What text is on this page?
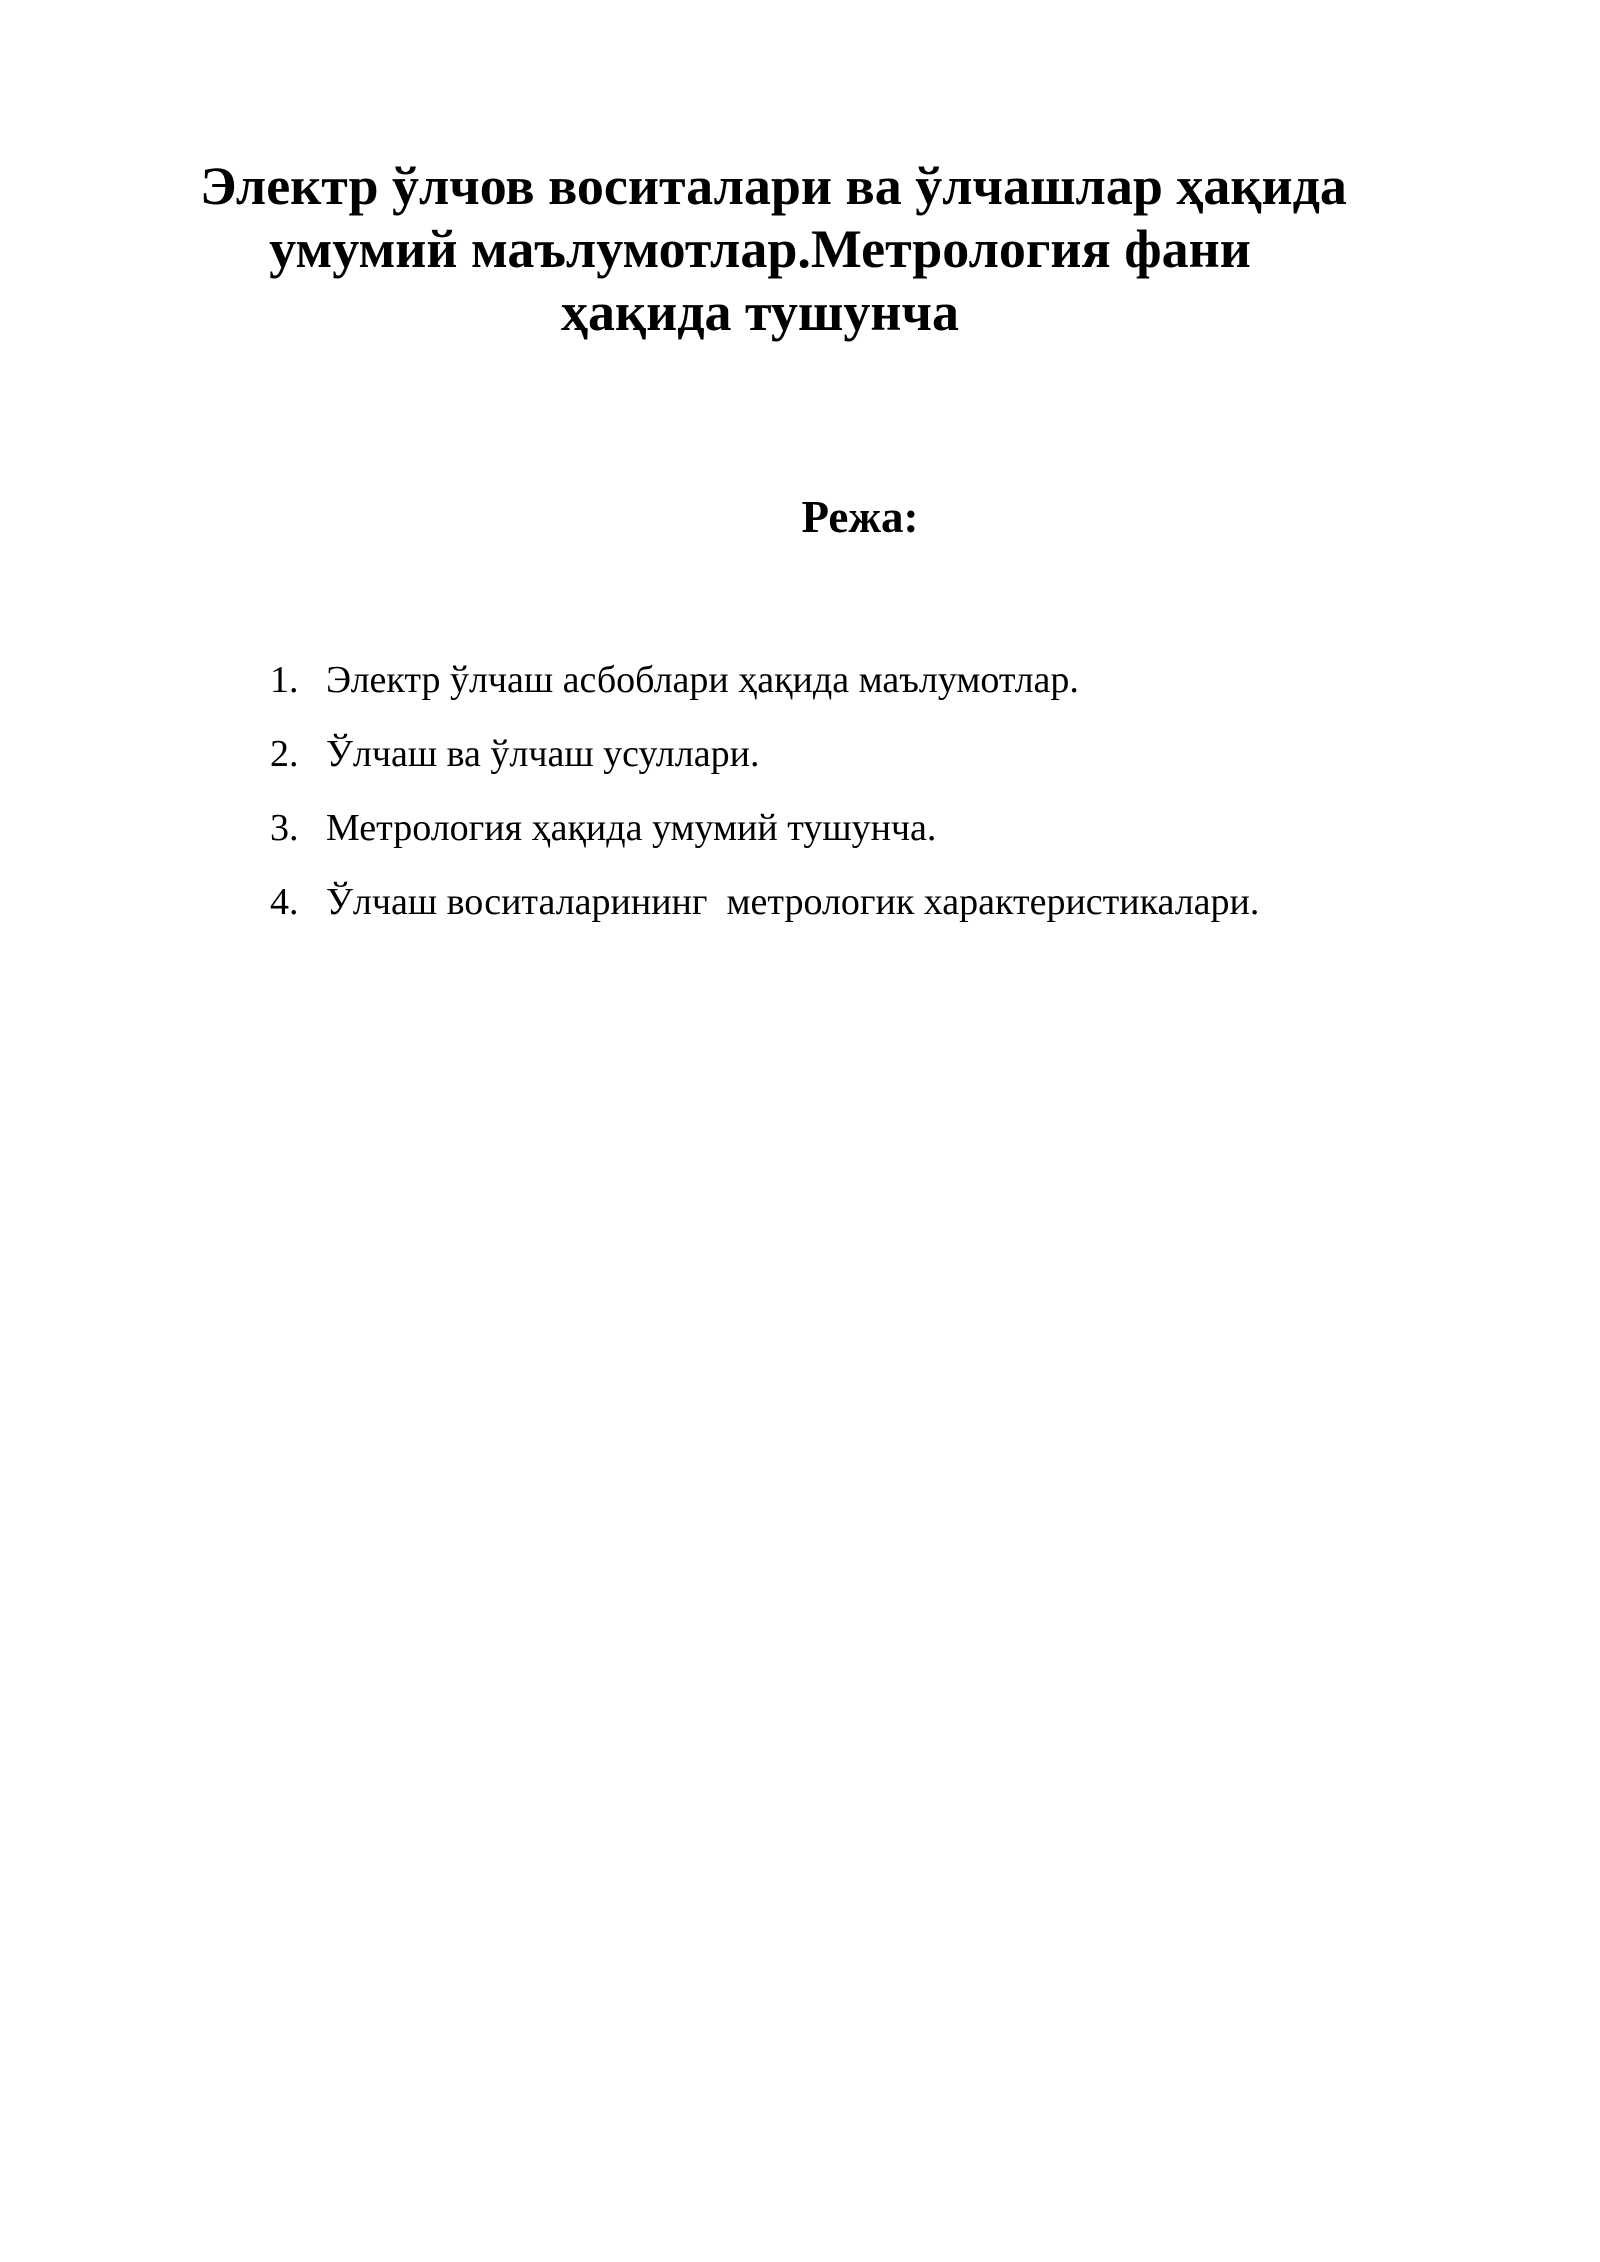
Электр ўлчов воситалари ва ўлчашлар ҳақида
умумий маълумотлар.Метрология фани
ҳақида тушунча
Режа:
1. Электр ўлчаш асбоблари ҳақида маълумотлар.
2. Ўлчаш ва ўлчаш усуллари.
3. Метрология ҳақида умумий тушунча.
4. Ўлчаш воситаларининг  метрологик характеристикалари.
